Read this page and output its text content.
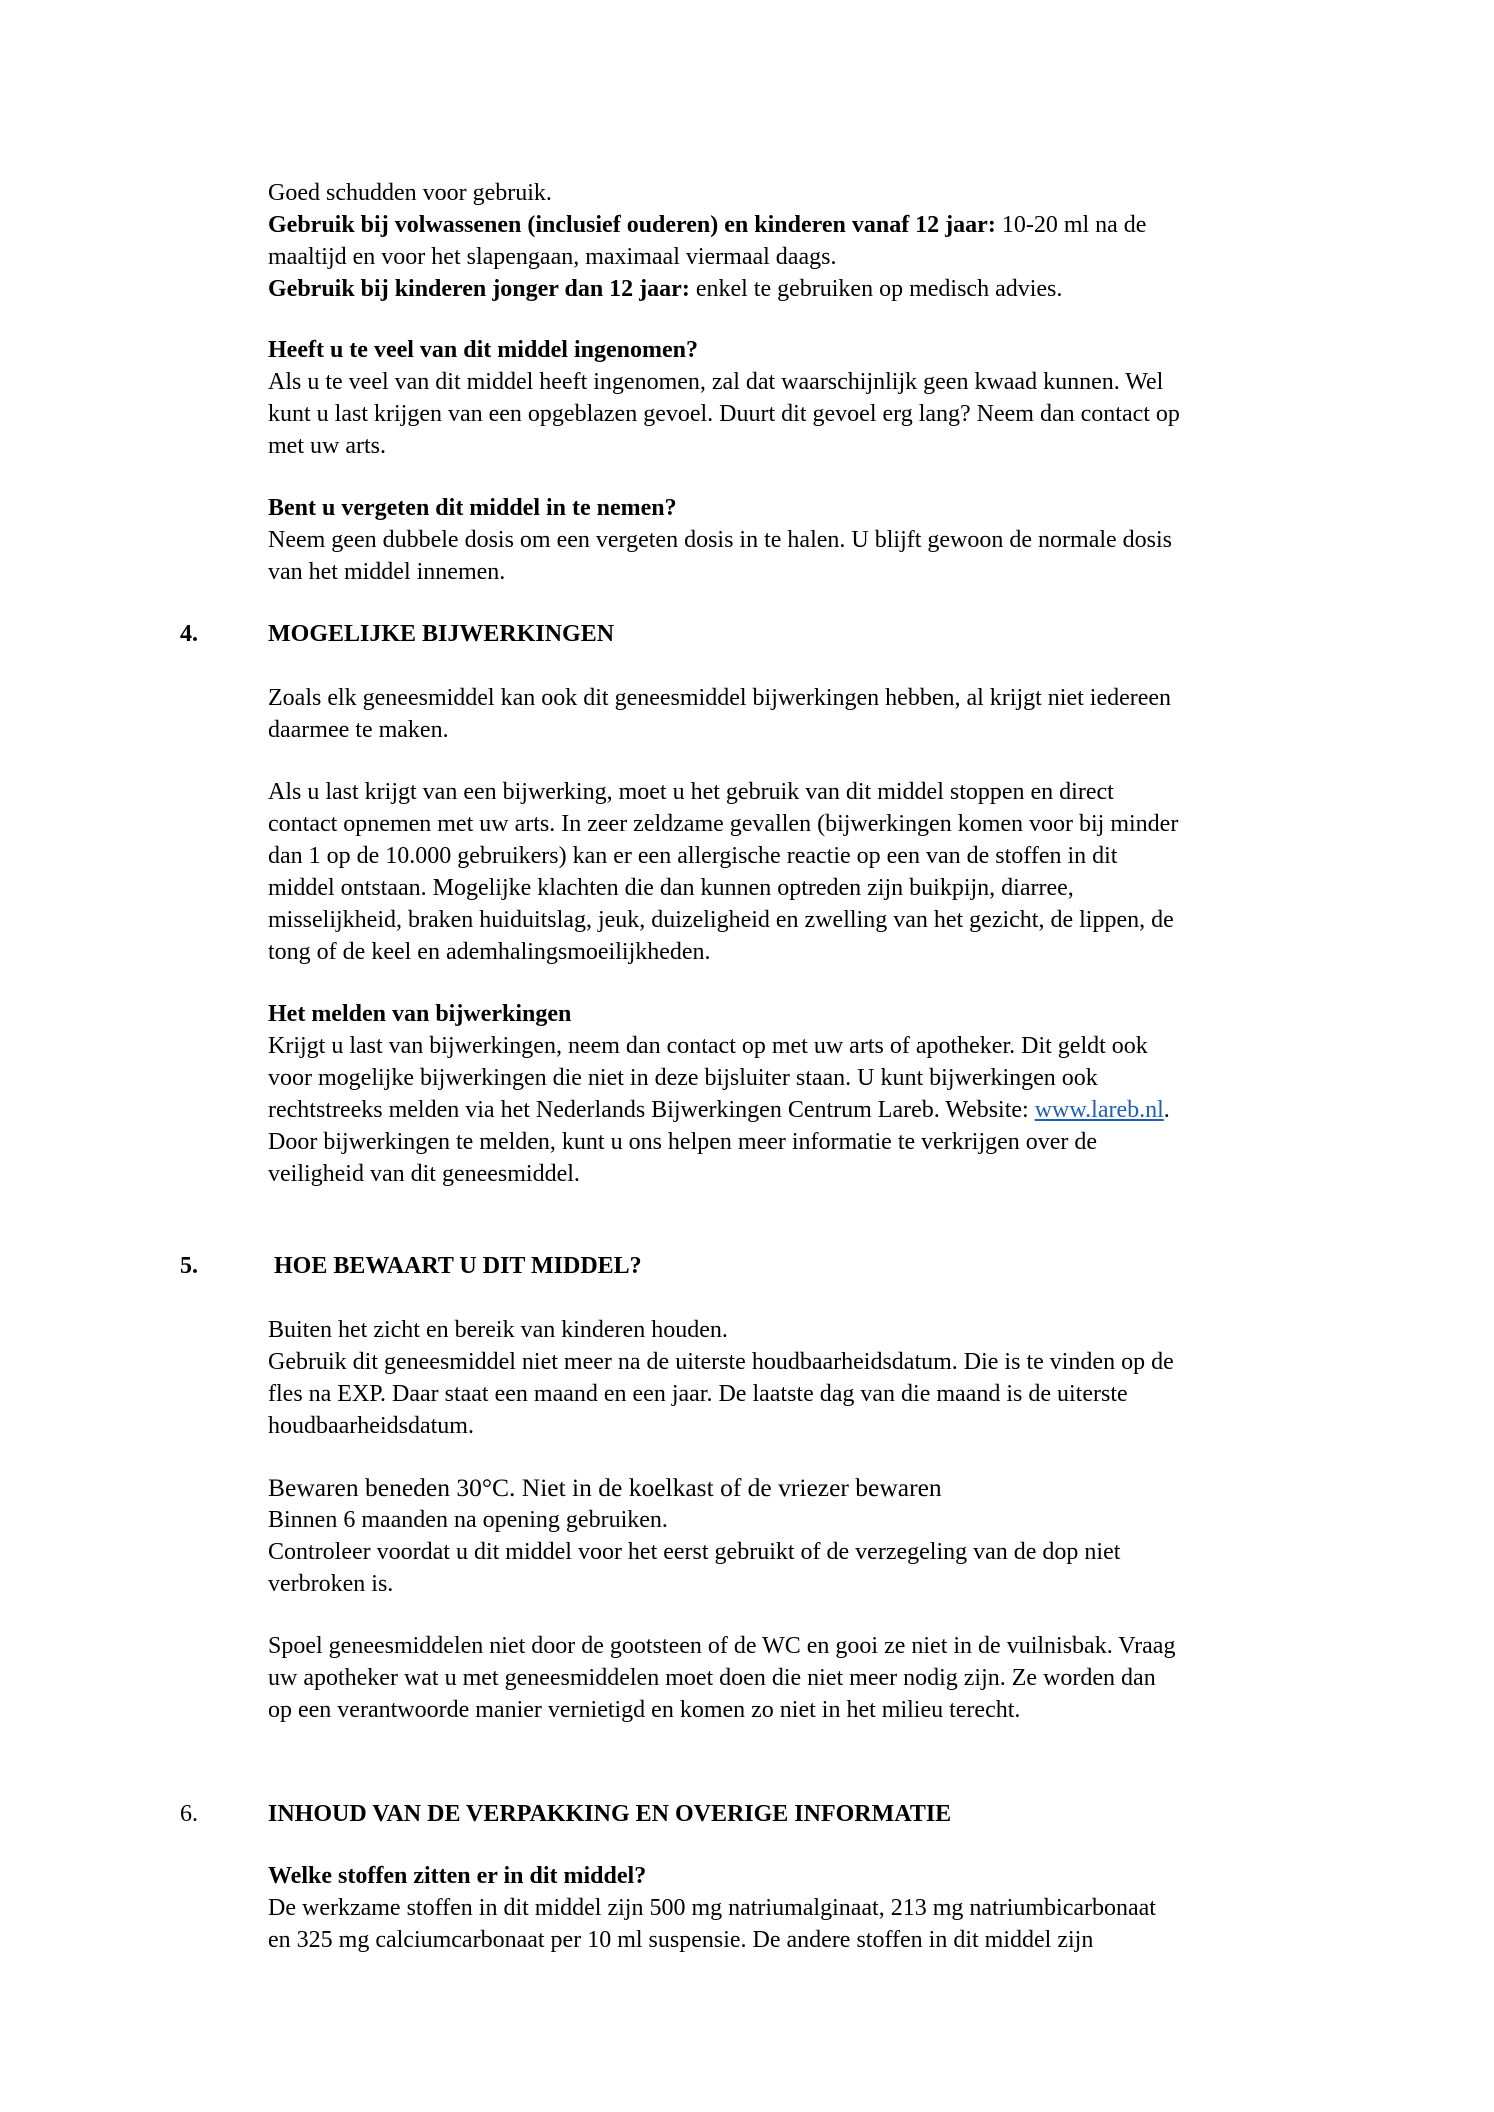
Goed schudden voor gebruik.

Gebruik bij volwassenen (inclusief ouderen) en kinderen vanaf 12 jaar: 10-20 ml na de

maaltijd en voor het slapengaan, maximaal viermaal daags.

Gebruik bij kinderen jonger dan 12 jaar: enkel te gebruiken op medisch advies.

Heeft u te veel van dit middel ingenomen?

Als u te veel van dit middel heeft ingenomen, zal dat waarschijnlijk geen kwaad kunnen. Wel

kunt u last krijgen van een opgeblazen gevoel. Duurt dit gevoel erg lang? Neem dan contact op

met uw arts.

Bent u vergeten dit middel in te nemen?

Neem geen dubbele dosis om een vergeten dosis in te halen. U blijft gewoon de normale dosis

van het middel innemen.

4.	MOGELIJKE BIJWERKINGEN

Zoals elk geneesmiddel kan ook dit geneesmiddel bijwerkingen hebben, al krijgt niet iedereen

daarmee te maken.

Als u last krijgt van een bijwerking, moet u het gebruik van dit middel stoppen en direct

contact opnemen met uw arts. In zeer zeldzame gevallen (bijwerkingen komen voor bij minder

dan 1 op de 10.000 gebruikers) kan er een allergische reactie op een van de stoffen in dit

middel ontstaan. Mogelijke klachten die dan kunnen optreden zijn buikpijn, diarree,

misselijkheid, braken huiduitslag, jeuk, duizeligheid en zwelling van het gezicht, de lippen, de

tong of de keel en ademhalingsmoeilijkheden.

Het melden van bijwerkingen

Krijgt u last van bijwerkingen, neem dan contact op met uw arts of apotheker. Dit geldt ook

voor mogelijke bijwerkingen die niet in deze bijsluiter staan. U kunt bijwerkingen ook

rechtstreeks melden via het Nederlands Bijwerkingen Centrum Lareb. Website: www.lareb.nl.

Door bijwerkingen te melden, kunt u ons helpen meer informatie te verkrijgen over de

veiligheid van dit geneesmiddel.

5.	HOE BEWAART U DIT MIDDEL?

Buiten het zicht en bereik van kinderen houden.

Gebruik dit geneesmiddel niet meer na de uiterste houdbaarheidsdatum. Die is te vinden op de

fles na EXP. Daar staat een maand en een jaar. De laatste dag van die maand is de uiterste

houdbaarheidsdatum.

Bewaren beneden 30°C. Niet in de koelkast of de vriezer bewaren

Binnen 6 maanden na opening gebruiken.

Controleer voordat u dit middel voor het eerst gebruikt of de verzegeling van de dop niet

verbroken is.

Spoel geneesmiddelen niet door de gootsteen of de WC en gooi ze niet in de vuilnisbak. Vraag

uw apotheker wat u met geneesmiddelen moet doen die niet meer nodig zijn. Ze worden dan

op een verantwoorde manier vernietigd en komen zo niet in het milieu terecht.

6.	INHOUD VAN DE VERPAKKING EN OVERIGE INFORMATIE

Welke stoffen zitten er in dit middel?

De werkzame stoffen in dit middel zijn 500 mg natriumalginaat, 213 mg natriumbicarbonaat

en 325 mg calciumcarbonaat per 10 ml suspensie. De andere stoffen in dit middel zijn
